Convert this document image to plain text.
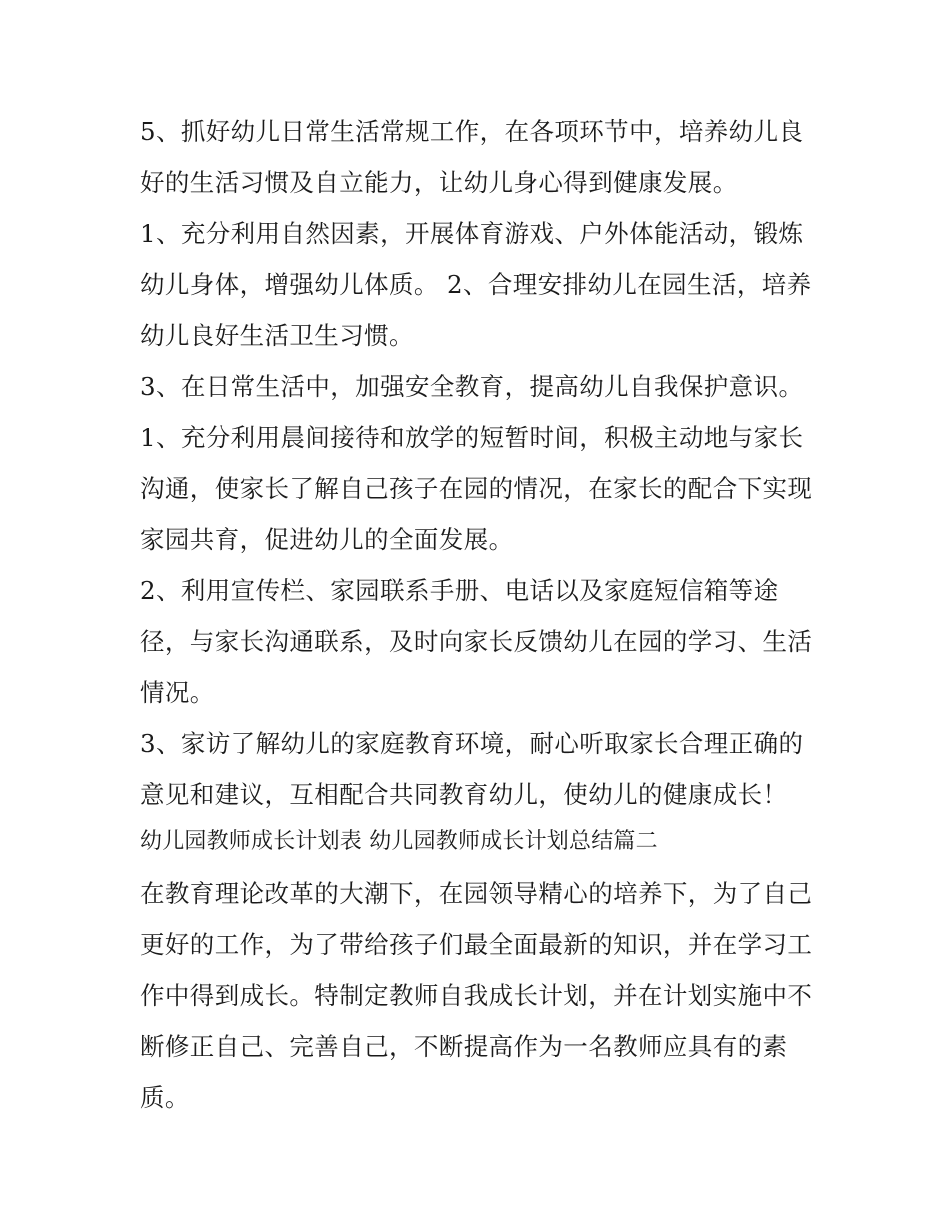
5、抓好幼儿日常生活常规工作，在各项环节中，培养幼儿良好的生活习惯及自立能力，让幼儿身心得到健康发展。

1、充分利用自然因素，开展体育游戏、户外体能活动，锻炼幼儿身体，增强幼儿体质。 2、合理安排幼儿在园生活，培养幼儿良好生活卫生习惯。

3、在日常生活中，加强安全教育，提高幼儿自我保护意识。

1、充分利用晨间接待和放学的短暂时间，积极主动地与家长沟通，使家长了解自己孩子在园的情况，在家长的配合下实现家园共育，促进幼儿的全面发展。

2、利用宣传栏、家园联系手册、电话以及家庭短信箱等途径，与家长沟通联系，及时向家长反馈幼儿在园的学习、生活情况。

3、家访了解幼儿的家庭教育环境，耐心听取家长合理正确的意见和建议，互相配合共同教育幼儿，使幼儿的健康成长！

幼儿园教师成长计划表 幼儿园教师成长计划总结篇二

在教育理论改革的大潮下，在园领导精心的培养下，为了自己更好的工作，为了带给孩子们最全面最新的知识，并在学习工作中得到成长。特制定教师自我成长计划，并在计划实施中不断修正自己、完善自己，不断提高作为一名教师应具有的素质。
